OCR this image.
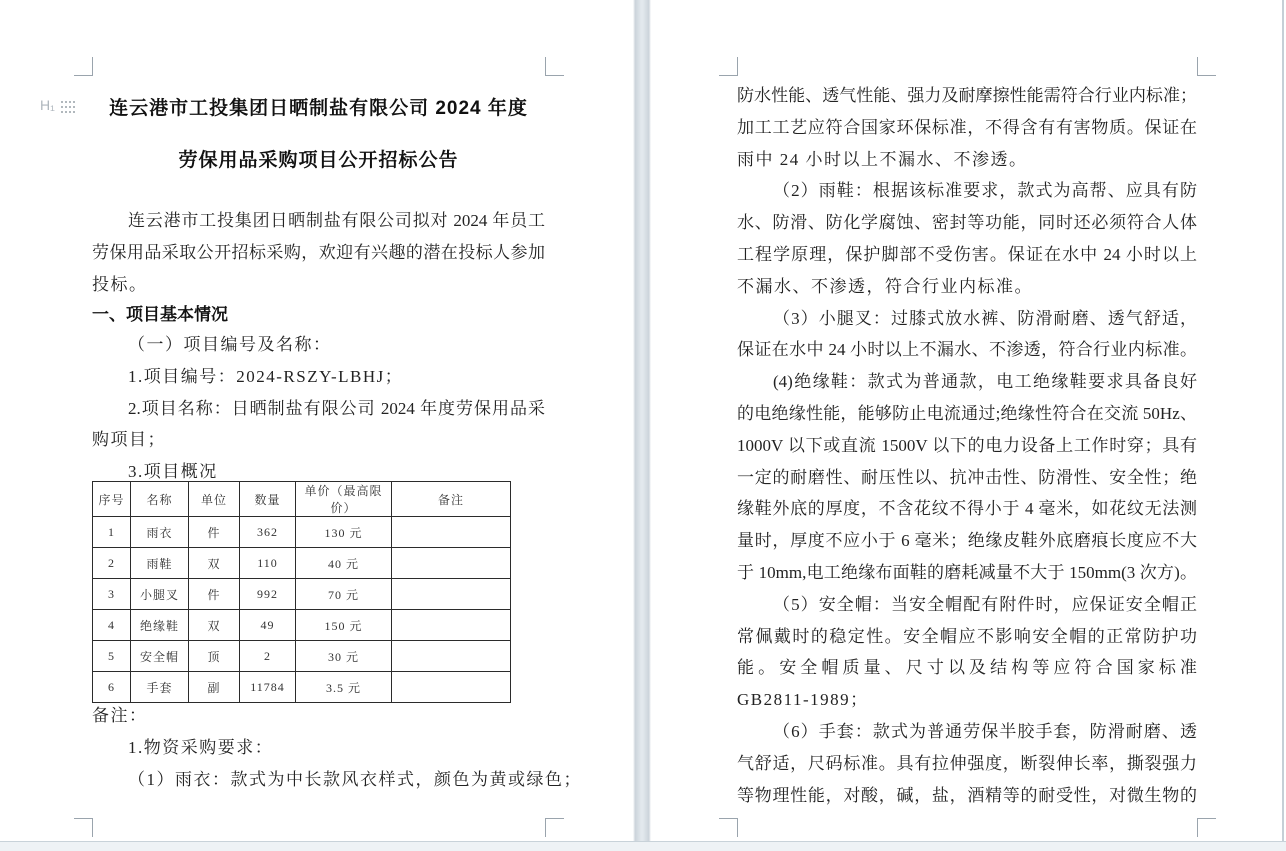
H₁	连云港市工投集团日晒制盐有限公司 2024 年度
劳保用品采购项目公开招标公告
连云港市工投集团日晒制盐有限公司拟对 2024 年员工
劳保用品采取公开招标采购，欢迎有兴趣的潜在投标人参加
投标。
一、项目基本情况
（一）项目编号及名称：
1.项目编号：2024-RSZY-LBHJ；
2.项目名称：日晒制盐有限公司 2024 年度劳保用品采
购项目；
3.项目概况
序号	名称	单位	数量	单价（最高限价）	备注
1	雨衣	件	362	130 元	
2	雨鞋	双	110	40 元	
3	小腿叉	件	992	70 元	
4	绝缘鞋	双	49	150 元	
5	安全帽	顶	2	30 元	
6	手套	副	11784	3.5 元	
备注：
1.物资采购要求：
（1）雨衣：款式为中长款风衣样式，颜色为黄或绿色；
防水性能、透气性能、强力及耐摩擦性能需符合行业内标准；
加工工艺应符合国家环保标准，不得含有有害物质。保证在
雨中 24 小时以上不漏水、不渗透。
（2）雨鞋：根据该标准要求，款式为高帮、应具有防
水、防滑、防化学腐蚀、密封等功能，同时还必须符合人体
工程学原理，保护脚部不受伤害。保证在水中 24 小时以上
不漏水、不渗透，符合行业内标准。
（3）小腿叉：过膝式放水裤、防滑耐磨、透气舒适，
保证在水中 24 小时以上不漏水、不渗透，符合行业内标准。
(4)绝缘鞋：款式为普通款，电工绝缘鞋要求具备良好
的电绝缘性能，能够防止电流通过;绝缘性符合在交流 50Hz、
1000V 以下或直流 1500V 以下的电力设备上工作时穿；具有
一定的耐磨性、耐压性以、抗冲击性、防滑性、安全性；绝
缘鞋外底的厚度，不含花纹不得小于 4 毫米，如花纹无法测
量时，厚度不应小于 6 毫米；绝缘皮鞋外底磨痕长度应不大
于 10mm,电工绝缘布面鞋的磨耗减量不大于 150mm(3 次方)。
（5）安全帽：当安全帽配有附件时，应保证安全帽正
常佩戴时的稳定性。安全帽应不影响安全帽的正常防护功
能。安全帽质量、尺寸以及结构等应符合国家标准
GB2811-1989；
（6）手套：款式为普通劳保半胶手套，防滑耐磨、透
气舒适，尺码标准。具有拉伸强度，断裂伸长率，撕裂强力
等物理性能，对酸，碱，盐，酒精等的耐受性，对微生物的
